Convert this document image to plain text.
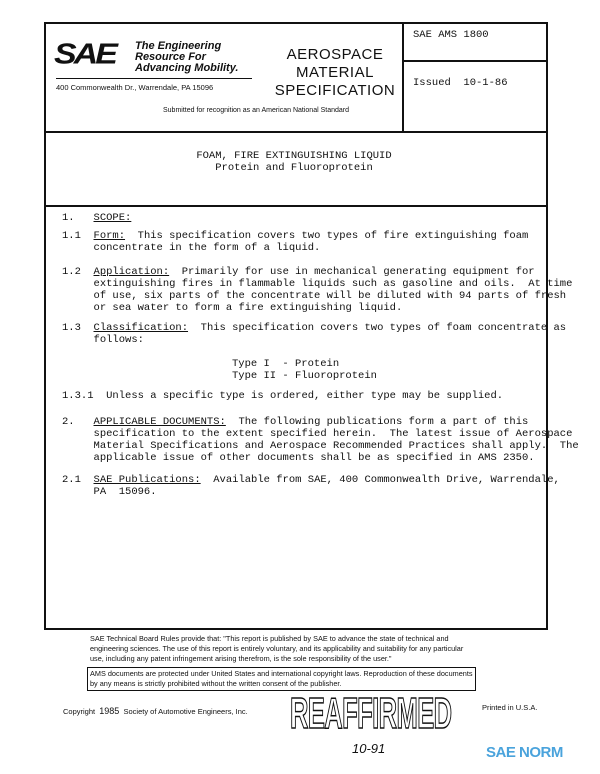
SAE The Engineering
Resource For
Advancing Mobility.
400 Commonwealth Dr., Warrendale, PA 15096
AEROSPACE
MATERIAL
SPECIFICATION
Submitted for recognition as an American National Standard
SAE AMS 1800
Issued  10-1-86
FOAM, FIRE EXTINGUISHING LIQUID
Protein and Fluoroprotein
1. SCOPE:
1.1 Form: This specification covers two types of fire extinguishing foam
concentrate in the form of a liquid.
1.2 Application: Primarily for use in mechanical generating equipment for
extinguishing fires in flammable liquids such as gasoline and oils.  At time
of use, six parts of the concentrate will be diluted with 94 parts of fresh
or sea water to form a fire extinguishing liquid.
1.3 Classification: This specification covers two types of foam concentrate as
follows:
Type I  - Protein
Type II - Fluoroprotein
1.3.1 Unless a specific type is ordered, either type may be supplied.
2. APPLICABLE DOCUMENTS: The following publications form a part of this
specification to the extent specified herein.  The latest issue of Aerospace
Material Specifications and Aerospace Recommended Practices shall apply.  The
applicable issue of other documents shall be as specified in AMS 2350.
2.1 SAE Publications: Available from SAE, 400 Commonwealth Drive, Warrendale,
PA  15096.
SAE Technical Board Rules provide that: "This report is published by SAE to advance the state of technical and
engineering sciences. The use of this report is entirely voluntary, and its applicability and suitability for any particular
use, including any patent infringement arising therefrom, is the sole responsibility of the user."
AMS documents are protected under United States and international copyright laws. Reproduction of these documents
by any means is strictly prohibited without the written consent of the publisher.
Copyright 1985 Society of Automotive Engineers, Inc. REAFFIRMED
10-91
Printed in U.S.A.
SAE NORM
